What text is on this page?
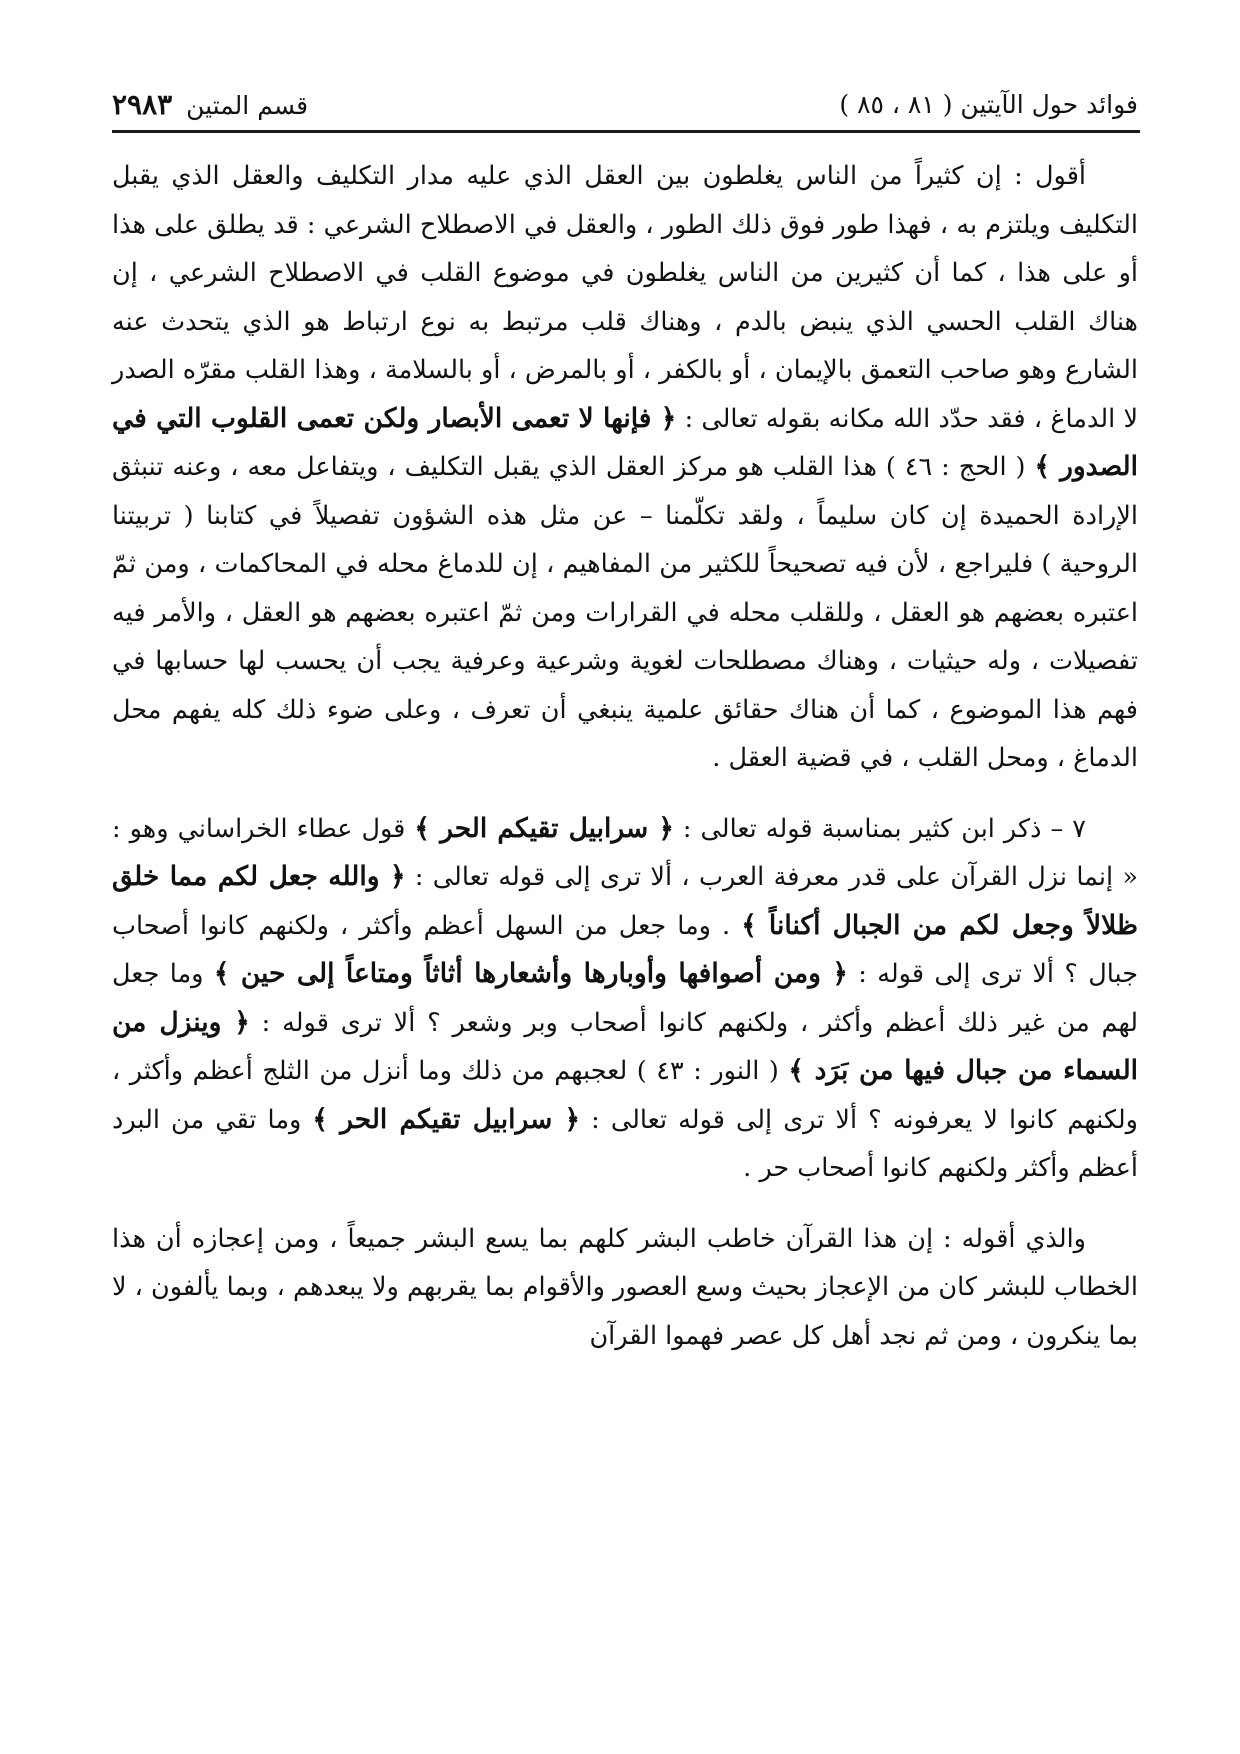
فوائد حول الآيتين ( ٨١ ، ٨٥ )
قسم المتين ٢٩٨٣

أقول : إن كثيراً من الناس يغلطون بين العقل الذي عليه مدار التكليف والعقل الذي يقبل التكليف ويلتزم به ، فهذا طور فوق ذلك الطور ، والعقل في الاصطلاح الشرعي : قد يطلق على هذا أو على هذا ، كما أن كثيرين من الناس يغلطون في موضوع القلب في الاصطلاح الشرعي ، إن هناك القلب الحسي الذي ينبض بالدم ، وهناك قلب مرتبط به نوع ارتباط هو الذي يتحدث عنه الشارع وهو صاحب التعمق بالإيمان ، أو بالكفر ، أو بالمرض ، أو بالسلامة ، وهذا القلب مقرّه الصدر لا الدماغ ، فقد حدّد الله مكانه بقوله تعالى : ﴿ فإنها لا تعمى الأبصار ولكن تعمى القلوب التي في الصدور ﴾ ( الحج : ٤٦ ) هذا القلب هو مركز العقل الذي يقبل التكليف ، ويتفاعل معه ، وعنه تنبثق الإرادة الحميدة إن كان سليماً ، ولقد تكلّمنا – عن مثل هذه الشؤون تفصيلاً في كتابنا ( تربيتنا الروحية ) فليراجع ، لأن فيه تصحيحاً للكثير من المفاهيم ، إن للدماغ محله في المحاكمات ، ومن ثمّ اعتبره بعضهم هو العقل ، وللقلب محله في القرارات ومن ثمّ اعتبره بعضهم هو العقل ، والأمر فيه تفصيلات ، وله حيثيات ، وهناك مصطلحات لغوية وشرعية وعرفية يجب أن يحسب لها حسابها في فهم هذا الموضوع ، كما أن هناك حقائق علمية ينبغي أن تعرف ، وعلى ضوء ذلك كله يفهم محل الدماغ ، ومحل القلب ، في قضية العقل .

٧ – ذكر ابن كثير بمناسبة قوله تعالى : ﴿ سرابيل تقيكم الحر ﴾ قول عطاء الخراساني وهو : « إنما نزل القرآن على قدر معرفة العرب ، ألا ترى إلى قوله تعالى : ﴿ والله جعل لكم مما خلق ظلالاً وجعل لكم من الجبال أكناناً ﴾ . وما جعل من السهل أعظم وأكثر ، ولكنهم كانوا أصحاب جبال ؟ ألا ترى إلى قوله : ﴿ ومن أصوافها وأوبارها وأشعارها أثاثاً ومتاعاً إلى حين ﴾ وما جعل لهم من غير ذلك أعظم وأكثر ، ولكنهم كانوا أصحاب وبر وشعر ؟ ألا ترى قوله : ﴿ وينزل من السماء من جبال فيها من بَرَد ﴾ ( النور : ٤٣ ) لعجبهم من ذلك وما أنزل من الثلج أعظم وأكثر ، ولكنهم كانوا لا يعرفونه ؟ ألا ترى إلى قوله تعالى : ﴿ سرابيل تقيكم الحر ﴾ وما تقي من البرد أعظم وأكثر ولكنهم كانوا أصحاب حر .

والذي أقوله : إن هذا القرآن خاطب البشر كلهم بما يسع البشر جميعاً ، ومن إعجازه أن هذا الخطاب للبشر كان من الإعجاز بحيث وسع العصور والأقوام بما يقربهم ولا يبعدهم ، وبما يألفون ، لا بما ينكرون ، ومن ثم نجد أهل كل عصر فهموا القرآن
